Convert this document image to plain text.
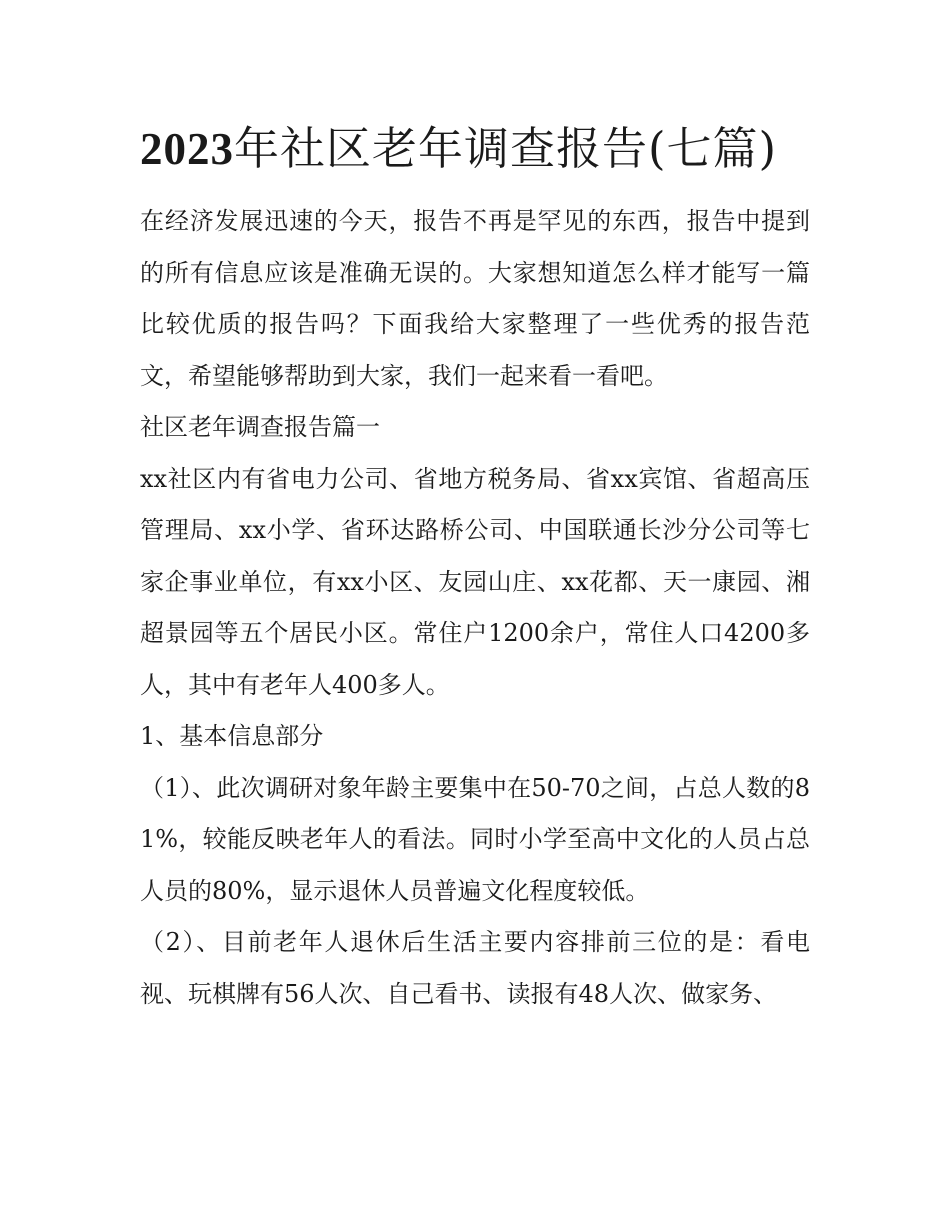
2023年社区老年调查报告(七篇)

在经济发展迅速的今天，报告不再是罕见的东西，报告中提到的所有信息应该是准确无误的。大家想知道怎么样才能写一篇比较优质的报告吗？下面我给大家整理了一些优秀的报告范文，希望能够帮助到大家，我们一起来看一看吧。

社区老年调查报告篇一

xx社区内有省电力公司、省地方税务局、省xx宾馆、省超高压管理局、xx小学、省环达路桥公司、中国联通长沙分公司等七家企事业单位，有xx小区、友园山庄、xx花都、天一康园、湘超景园等五个居民小区。常住户1200余户，常住人口4200多人，其中有老年人400多人。

1、基本信息部分

（1）、此次调研对象年龄主要集中在50-70之间，占总人数的81%，较能反映老年人的看法。同时小学至高中文化的人员占总人员的80%，显示退休人员普遍文化程度较低。

（2）、目前老年人退休后生活主要内容排前三位的是：看电视、玩棋牌有56人次、自己看书、读报有48人次、做家务、
